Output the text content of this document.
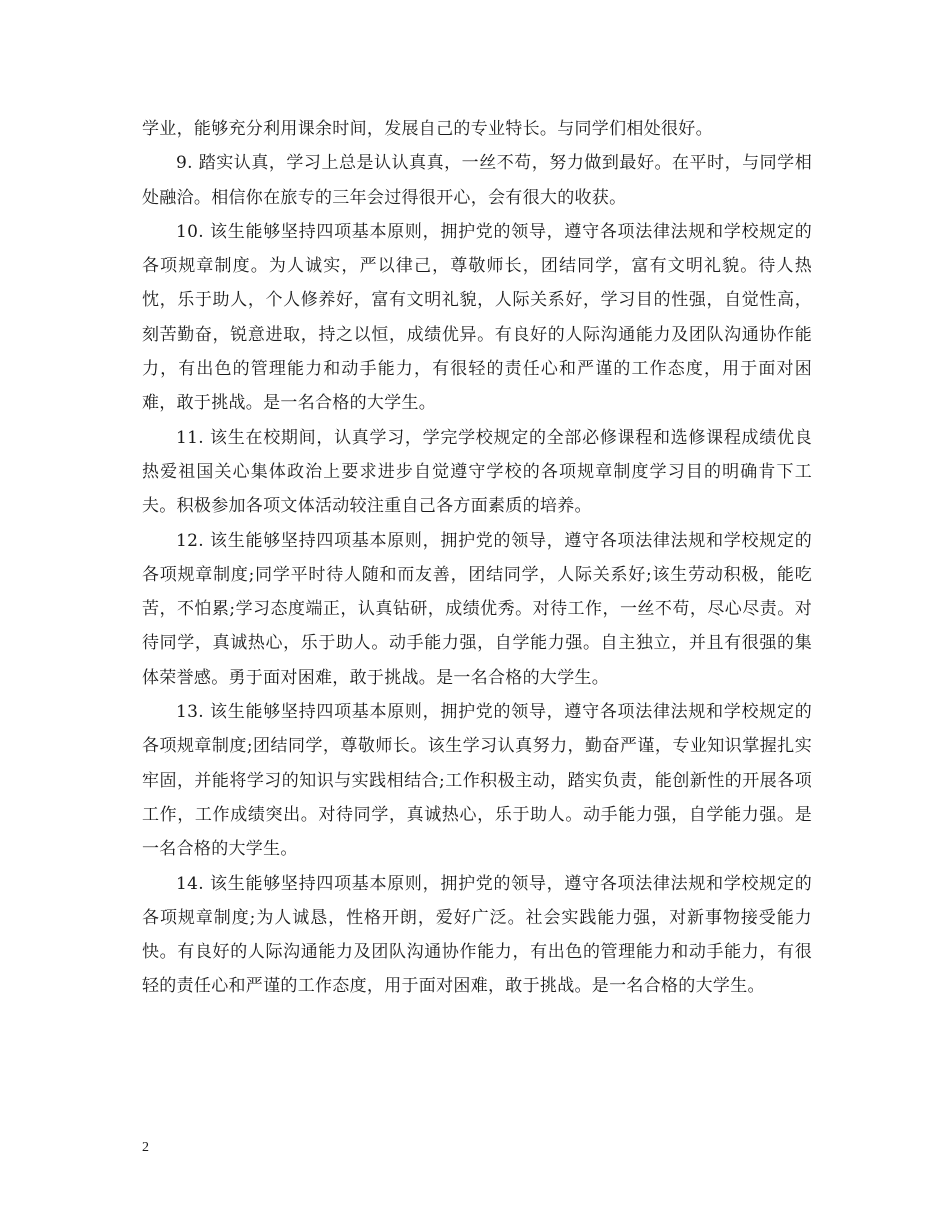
学业，能够充分利用课余时间，发展自己的专业特长。与同学们相处很好。

9. 踏实认真，学习上总是认认真真，一丝不苟，努力做到最好。在平时，与同学相处融洽。相信你在旅专的三年会过得很开心，会有很大的收获。

10. 该生能够坚持四项基本原则，拥护党的领导，遵守各项法律法规和学校规定的各项规章制度。为人诚实，严以律己，尊敬师长，团结同学，富有文明礼貌。待人热忱，乐于助人，个人修养好，富有文明礼貌，人际关系好，学习目的性强，自觉性高，刻苦勤奋，锐意进取，持之以恒，成绩优异。有良好的人际沟通能力及团队沟通协作能力，有出色的管理能力和动手能力，有很轻的责任心和严谨的工作态度，用于面对困难，敢于挑战。是一名合格的大学生。

11. 该生在校期间，认真学习，学完学校规定的全部必修课程和选修课程成绩优良热爱祖国关心集体政治上要求进步自觉遵守学校的各项规章制度学习目的明确肯下工夫。积极参加各项文体活动较注重自己各方面素质的培养。

12. 该生能够坚持四项基本原则，拥护党的领导，遵守各项法律法规和学校规定的各项规章制度;同学平时待人随和而友善，团结同学，人际关系好;该生劳动积极，能吃苦，不怕累;学习态度端正，认真钻研，成绩优秀。对待工作，一丝不苟，尽心尽责。对待同学，真诚热心，乐于助人。动手能力强，自学能力强。自主独立，并且有很强的集体荣誉感。勇于面对困难，敢于挑战。是一名合格的大学生。

13. 该生能够坚持四项基本原则，拥护党的领导，遵守各项法律法规和学校规定的各项规章制度;团结同学，尊敬师长。该生学习认真努力，勤奋严谨，专业知识掌握扎实牢固，并能将学习的知识与实践相结合;工作积极主动，踏实负责，能创新性的开展各项工作，工作成绩突出。对待同学，真诚热心，乐于助人。动手能力强，自学能力强。是一名合格的大学生。

14. 该生能够坚持四项基本原则，拥护党的领导，遵守各项法律法规和学校规定的各项规章制度;为人诚恳，性格开朗，爱好广泛。社会实践能力强，对新事物接受能力快。有良好的人际沟通能力及团队沟通协作能力，有出色的管理能力和动手能力，有很轻的责任心和严谨的工作态度，用于面对困难，敢于挑战。是一名合格的大学生。

2
